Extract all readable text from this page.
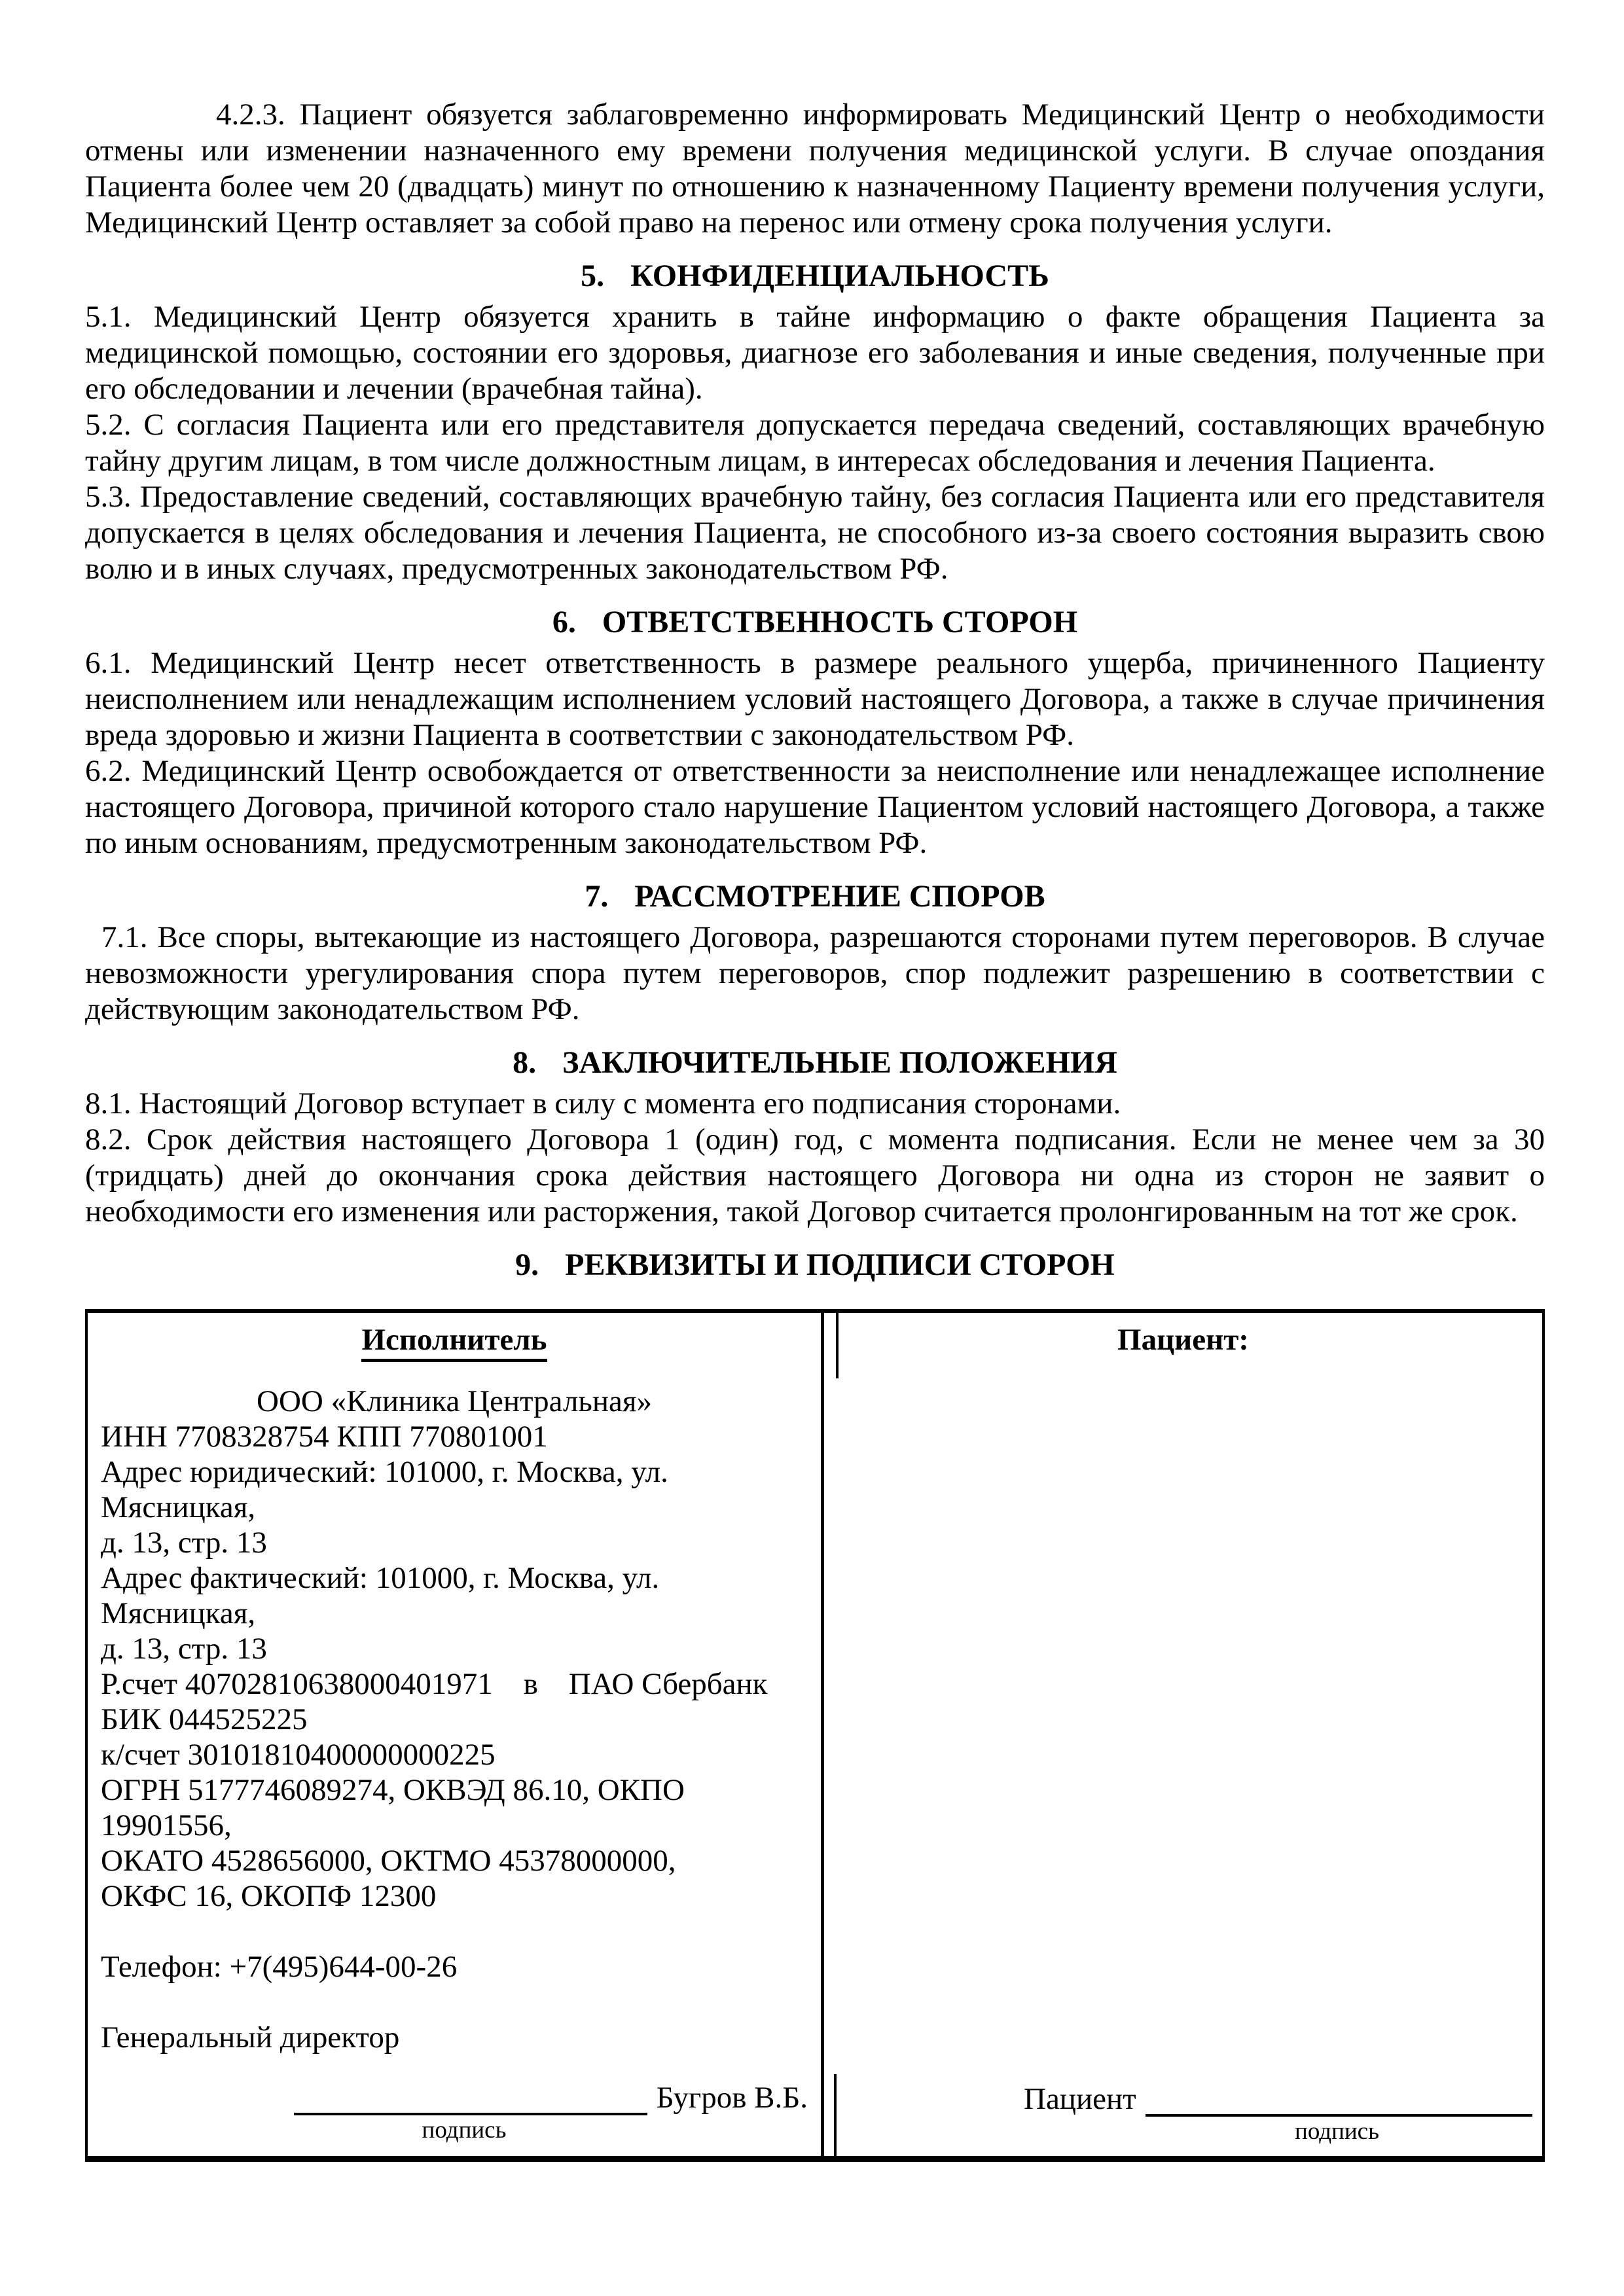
4.2.3. Пациент обязуется заблаговременно информировать Медицинский Центр о необходимости отмены или изменении назначенного ему времени получения медицинской услуги. В случае опоздания Пациента более чем 20 (двадцать) минут по отношению к назначенному Пациенту времени получения услуги, Медицинский Центр оставляет за собой право на перенос или отмену срока получения услуги.

5. КОНФИДЕНЦИАЛЬНОСТЬ

5.1. Медицинский Центр обязуется хранить в тайне информацию о факте обращения Пациента за медицинской помощью, состоянии его здоровья, диагнозе его заболевания и иные сведения, полученные при его обследовании и лечении (врачебная тайна).

5.2. С согласия Пациента или его представителя допускается передача сведений, составляющих врачебную тайну другим лицам, в том числе должностным лицам, в интересах обследования и лечения Пациента.

5.3. Предоставление сведений, составляющих врачебную тайну, без согласия Пациента или его представителя допускается в целях обследования и лечения Пациента, не способного из-за своего состояния выразить свою волю и в иных случаях, предусмотренных законодательством РФ.

6. ОТВЕТСТВЕННОСТЬ СТОРОН

6.1. Медицинский Центр несет ответственность в размере реального ущерба, причиненного Пациенту неисполнением или ненадлежащим исполнением условий настоящего Договора, а также в случае причинения вреда здоровью и жизни Пациента в соответствии с законодательством РФ.

6.2. Медицинский Центр освобождается от ответственности за неисполнение или ненадлежащее исполнение настоящего Договора, причиной которого стало нарушение Пациентом условий настоящего Договора, а также по иным основаниям, предусмотренным законодательством РФ.

7. РАССМОТРЕНИЕ СПОРОВ

7.1. Все споры, вытекающие из настоящего Договора, разрешаются сторонами путем переговоров. В случае невозможности урегулирования спора путем переговоров, спор подлежит разрешению в соответствии с действующим законодательством РФ.

8. ЗАКЛЮЧИТЕЛЬНЫЕ ПОЛОЖЕНИЯ

8.1. Настоящий Договор вступает в силу с момента его подписания сторонами.

8.2. Срок действия настоящего Договора 1 (один) год, с момента подписания. Если не менее чем за 30 (тридцать) дней до окончания срока действия настоящего Договора ни одна из сторон не заявит о необходимости его изменения или расторжения, такой Договор считается пролонгированным на тот же срок.

9. РЕКВИЗИТЫ И ПОДПИСИ СТОРОН
Исполнитель
ООО «Клиника Центральная»
ИНН 7708328754 КПП 770801001
Адрес юридический: 101000, г. Москва, ул. Мясницкая,
д. 13, стр. 13
Адрес фактический: 101000, г. Москва, ул. Мясницкая,
д. 13, стр. 13
Р.счет 40702810638000401971    в    ПАО Сбербанк
БИК 044525225
к/счет 30101810400000000225
ОГРН 5177746089274, ОКВЭД 86.10, ОКПО 19901556,
ОКАТО 4528656000, ОКТМО 45378000000,
ОКФС 16, ОКОПФ 12300
Телефон: +7(495)644-00-26
Генеральный директор
Бугров В.Б.
подпись
Пациент:
Пациент
подпись
